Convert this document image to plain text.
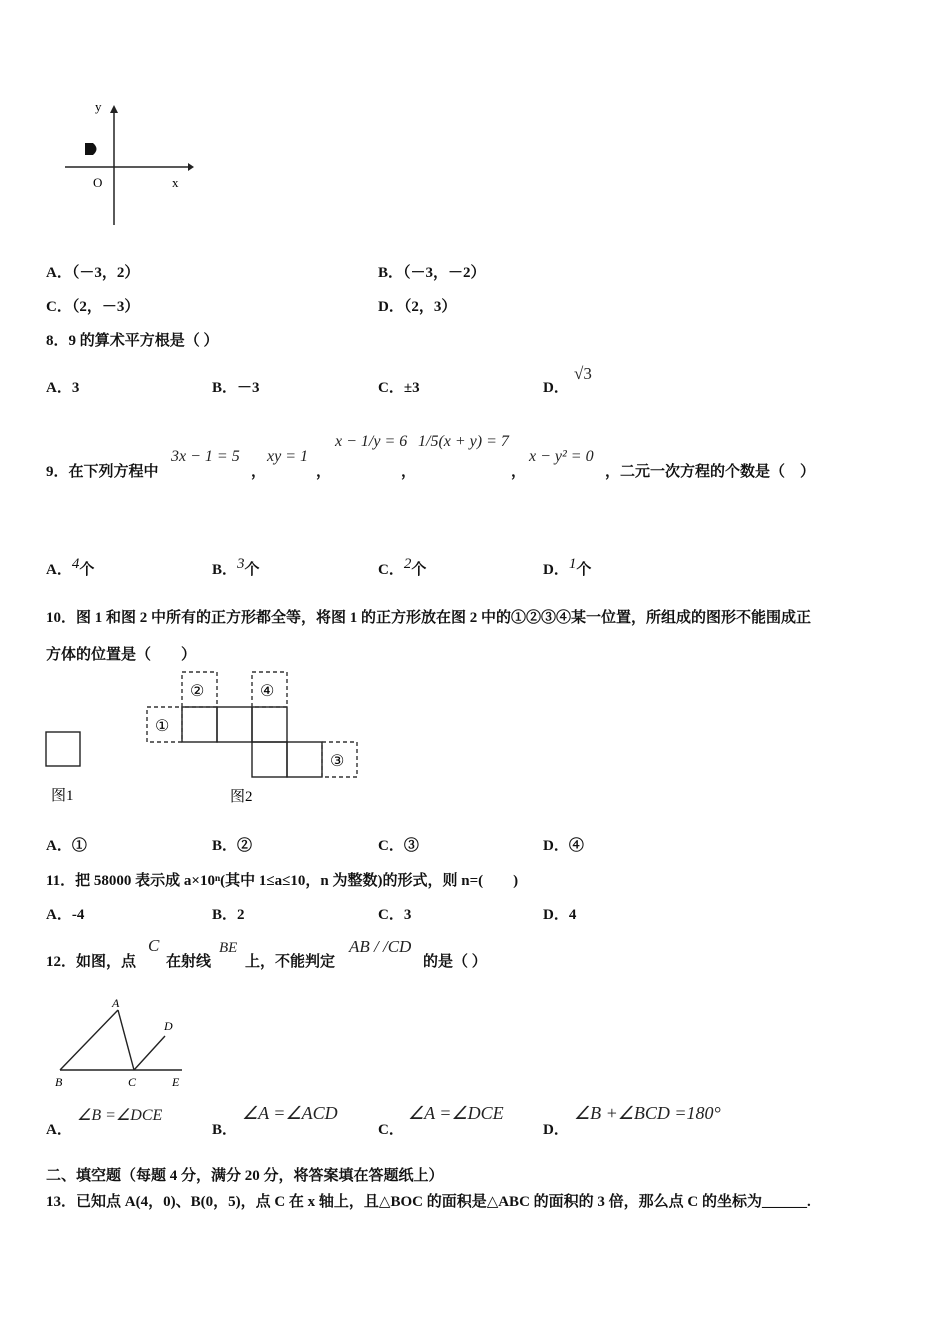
y
x
O
A．（－3，2）	B．（－3，－2）
C．（2，－3）	D．（2，3）
8．9 的算术平方根是（ ）
A．3	B．－3	C．±3	D．
√3
9．在下列方程中
3x − 1 = 5
，
xy = 1
，
x − 1/y = 6
，
1/5(x + y) = 7
，
x − y² = 0
，二元一次方程的个数是（　）
A．$^4$个	B．$^3$个	C．$^2$个	D．$^1$个
10．图 1 和图 2 中所有的正方形都全等，将图 1 的正方形放在图 2 中的①②③④某一位置，所组成的图形不能围成正
方体的位置是（　　）
图1
①
②
③
④
图2
A．①	B．②	C．③	D．④
11．把 58000 表示成 a×10ⁿ(其中 1≤a≤10，n 为整数)的形式，则 n=(　　)
A．-4	B．2	C．3	D．4
12．如图，点
C
在射线
BE
上，不能判定
AB / /CD
的是（ ）
A
B	C
D
E
A．
∠B =∠DCE
B．
∠A =∠ACD
C．
∠A =∠DCE
D．
∠B +∠BCD =180°
二、填空题（每题 4 分，满分 20 分，将答案填在答题纸上）
13．已知点 A(4，0)、B(0，5)，点 C 在 x 轴上，且△BOC 的面积是△ABC 的面积的 3 倍，那么点 C 的坐标为______.
